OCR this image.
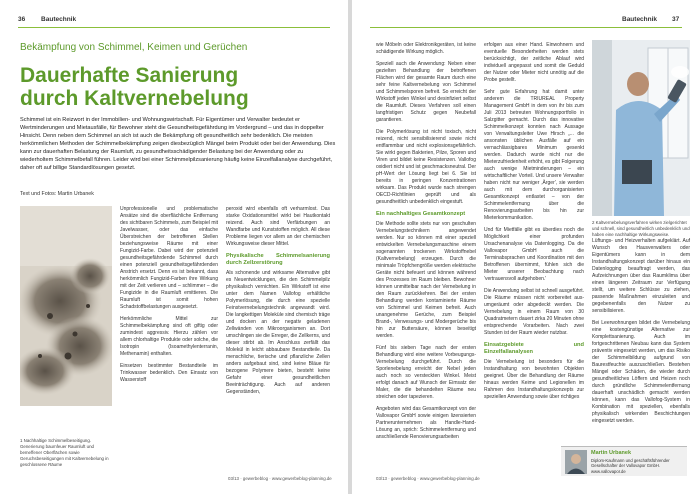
36 Bautechnik
Bekämpfung von Schimmel, Keimen und Gerüchen
Dauerhafte Sanierung
durch Kaltvernebelung
Schimmel ist ein Reizwort in der Immobilien- und Wohnungswirtschaft. Für Eigentümer und Verwalter bedeutet er Wertminderungen und Mietausfälle, für Bewohner steht die Gesundheitsgefährdung im Vordergrund – und das in doppelter Hinsicht. Denn neben dem Schimmel an sich ist auch die Bekämpfung oft gesundheitlich sehr bedenklich. Die meisten herkömmlichen Methoden der Schimmelbekämpfung zeigen diesbezüglich Mängel beim Produkt oder bei der Anwendung. Dies kann zur dauerhaften Belastung der Raumluft, zu gesundheitsschädigender Belastung bei der Anwendung oder zu wiederholtem Schimmelbefall führen. Leider wird bei einer Schimmelpilzsanierung häufig keine Einzelfallanalyse durchgeführt, daher oft auf billige Standardlösungen gesetzt.
Text und Fotos: Martin Urbanek
1 Nachhaltige Schimmelbeseitigung. Generierung baumfeuer Raumluft und bemeffener Oberflächen sowie Geruchsbeseitigungen mit Kaltvernebelung in geschlossene Räume

Unprofessionelle und problematische Ansätze sind die oberflächliche Entfernung des sichtbaren Schimmels, zum Beispiel mit Javelwasser, oder das einfache Überstreichen der betroffenen Stellen beziehungsweise Räume mit einer Fungizid-Farbe. Dabei wird der potenziell gesundheitsgefährdende Schimmel durch einen potenziell gesundheitsgefährdenden Anstrich ersetzt. Denn es ist bekannt, dass herkömmlich Fungizid-Farben ihre Wirkung mit der Zeit verlieren und – schlimmer – die Fungizide in die Raumluft emittieren. Die Raumluft ist somit hohen Schadstoffbelastungen ausgesetzt.

Herkömmliche Mittel zur Schimmelbekämpfung sind oft giftig oder zumindest aggressiv. Hierzu zählen vor allem chlorhaltige Produkte oder solche, die Isotropin (Isoamethylenterranin, Methenamin) enthalten.

Einsetzen bestimmter Bestandteile im Trinkwasser bedenklich. Den Einsatz von Wasserstoff

peroxid wird ebenfalls oft verharmlost. Das starke Oxidationsmittel wirkt bei Hautkontakt reizend. Auch sind Verfärbungen an Wandfarbe und Kunststoffen möglich. All diese Probleme liegen vor allem an der chemischen Wirkungsweise dieser Mittel.

Physikalische Schimmelsanierung durch Zellzerstörung

Als schonende und wirksame Alternative gibt es Neuentwicklungen, die den Schimmelpilz physikalisch vernichten. Ein Wirkstoff ist eine unter dem Namen Vallofog erhältliche Polymerlösung, die durch eine spezielle Feinstvernebelungstechnik angewandt wird. Die langkettigen Moleküle sind chemisch träge und docken an der negativ geladenen Zellwänden von Mikroorganismen an. Dort umschlingen sie die Erreger, die Zellkerns, und dieser stirbt ab. Im Anschluss zerfällt das Molekül in leicht abbaubare Bestandteile. Da menschliche, tierische und pflanzliche Zellen anders aufgebaut sind, sind keine Bläue für bezogene Polymere bieten, besteht keine Gefahr einer gesundheitlichen Beeinträchtigung. Auch auf anderen Gegenständen,

03/13 · gewerbeblog · www.gewerbeblog-planning.de
Bautechnik 37

wie Möbeln oder Elektronikgeräten, ist keine schädigende Wirkung möglich.

Speziell auch die Anwendung: Neben einer gezielten Behandlung der betroffenen Flächen wird der gesamte Raum durch eine sehr feine Kaltvernebelung von Schimmel und Schimmelsporen befreit. So erreicht der Wirkstoff jeden Winkel und desinfiziert selbst die Raumluft. Dieses Verfahren soll einen langfristigen Schutz gegen Neubefall garantieren.

Die Polymerlösung ist nicht toxisch, nicht reizend, nicht sensibilisierend sowie nicht entflammbar und nicht explosionsgefährlich. Sie wirkt gegen Bakterien, Pilze, Sporen und Viren und bildet keine Resistenzen. Vallofog oxidiert nicht und ist geschmacksneutral. Der pH-Wert der Lösung liegt bei 6. Sie ist bereits in geringen Konzentrationen wirksam. Das Produkt wurde nach strengen OECD-Richtlinien geprüft und als gesundheitlich unbedenklich eingestuft.

Ein nachhaltiges Gesamtkonzept

Die Methode sollte stets nur von geschulten Vernebelungstechnikern angewendet werden. Nur so können mit einer speziell entwickelten Vernebelungsmaschine einem sogenannten trockenen Wirkstoffnebel (Kaltvernebelung) erzeugen. Durch die minimale Tröpfchengröße werden elektrische Geräte nicht befeuert und können während des Prozesses im Raum bleiben. Bewohner können unmittelbar nach der Vernebelung in den Raum zurückkehren. Bei der ersten Behandlung werden kontaminierte Räume von Schimmel und Keimen befreit. Auch unangenehme Gerüche, zum Beispiel Brand-, Verwesungs- und Modergerüche bis hin zur Buttersäure, können beseitigt werden.

Fünf bis sieben Tage nach der ersten Behandlung wird eine weitere Vorbeugungs-Vernebelung durchgeführt. Durch die Sporlenebelung erreicht der Nebel jeden auch noch so versteckten Winkel. Meist erfolgt danach auf Wunsch der Eimsatz der Maler, die die behandelten Räume neu streichen oder tapezieren.

Angeboten wird das Gesamtkonzept von der Vallovapor GmbH sowie einigen lizensierten Partnerunternehmen als Handle-Hand-Lösung an, sprich: Schimmelentfernung und anschließende Renovierungsarbeiten

erfolgen aus einer Hand. Einwohnern und eventuelle Besonderheiten werden stets berücksichtigt, der zeitliche Ablauf wird individuell angepasst und somit die Geduld der Nutzer oder Mieter nicht unnötig auf die Probe gestellt.

Sehr gute Erfahrung hat damit unter anderem die TRIUREAL Property Management GmbH in dem von ihr bis zum Juli 2013 betreuten Wohnungsportfolio in Salzgitter gemacht. Durch das innovative Schimmelkonzept konnten nach Aussage von Verwaltungsleiter Uwe Hirsch „... die ansonsten üblichen Ausfälle auf ein vernachlässigbares Minimum gesenkt werden. Dadurch wurde nicht nur die Mieterzufriedenheit erhöht, es gibt Folgerung auch wenige Mietminderungen – ein wirtschaftlicher Vorteil. Und unsere Verwalter haben nicht nur weniger ‚Ärger', sie werden auch mit dem durchorganisierten Gesamtkonzept entlastet – von der Schimmelentfernung über die Renovierungsarbeiten bis hin zur Mieterkommunikation.

Und für Mietfälle gibt es überdies noch die Möglichkeit einer profunden Ursachenanalyse via Datenlogging. Da die Vallovapor GmbH auch die Terminabsprachen und Koordination mit den Betroffenen übernimmt, fühlen sich die Mieter unserer Beobachtung nach 'vertrauensvoll aufgehoben.'

Die Anwendung selbst ist schnell ausgeführt. Die Räume müssen nicht vorbereitet aus- umgeräumt oder abgedeckt werden. Die Vernebelung in einem Raum von 30 Quadratmetern dauert zirka 20 Minuten ohne entsprechende Vorarbeiten. Nach zwei Stunden ist der Raum wieder nutzbar.

Einsatzgebiete und Einzelfallanalysen

Die Vernebelung ist besonders für die Instandhaltung von bewohnten Objekten geeignet. Über die Behandlung der Räume hinaus werden Keime und Legionellen im Rahmen des Instandhaltungskonzepts zur speziellen Anwendung sowie über richtiges

2 Kaltvernebelungsverfahren wirken zielgerichtet und schnell, sind gesundheitlich unbedenklich und haben eine nachhaltige Wirkungsweise.

Lüftungs- und Heizverhalten aufgeklärt. Auf Wunsch des Hausverwalters oder Eigentümers kann in dem Instandhaltungskonzept darüber hinaus ein Datenlogging beauftragt werden, das Aufzeichnungen über das Raumklima über einen längeren Zeitraum zur Verfügung stellt, um weitere Schlüsse zu ziehen, passende Maßnahmen einzuleiten und gegebenenfalls den Nutzer zu sensibilisieren.

Bei Leerwohnungen bildet die Vernebelung eine kostengünstige Alternative zur Komplettsanierung. Auch im fortgeschrittenen Neubau kann das System präventiv eingesetzt werden, um das Risiko der Schimmelbildung aufgrund von Baurestfeuchte auszuschließen. Bestehen Mängel oder Schäden, die wieder durch gesundheitliches Löffern und Heizen noch durch gründliche Schimmelentfernung dauerhaft unschädlich gemacht werden können, kann das Vallofog-System in Kombination mit speziellen, ebenfalls physikalisch wirkenden Beschichtungen eingesetzt werden.

03/13 · gewerbeblog · www.gewerbeblog-planning.de
Martin Urbanek
Diplom-Kaufmann und geschäftsführender Gesellschafter der Vallovapor GmbH.
www.vallovapor.de
